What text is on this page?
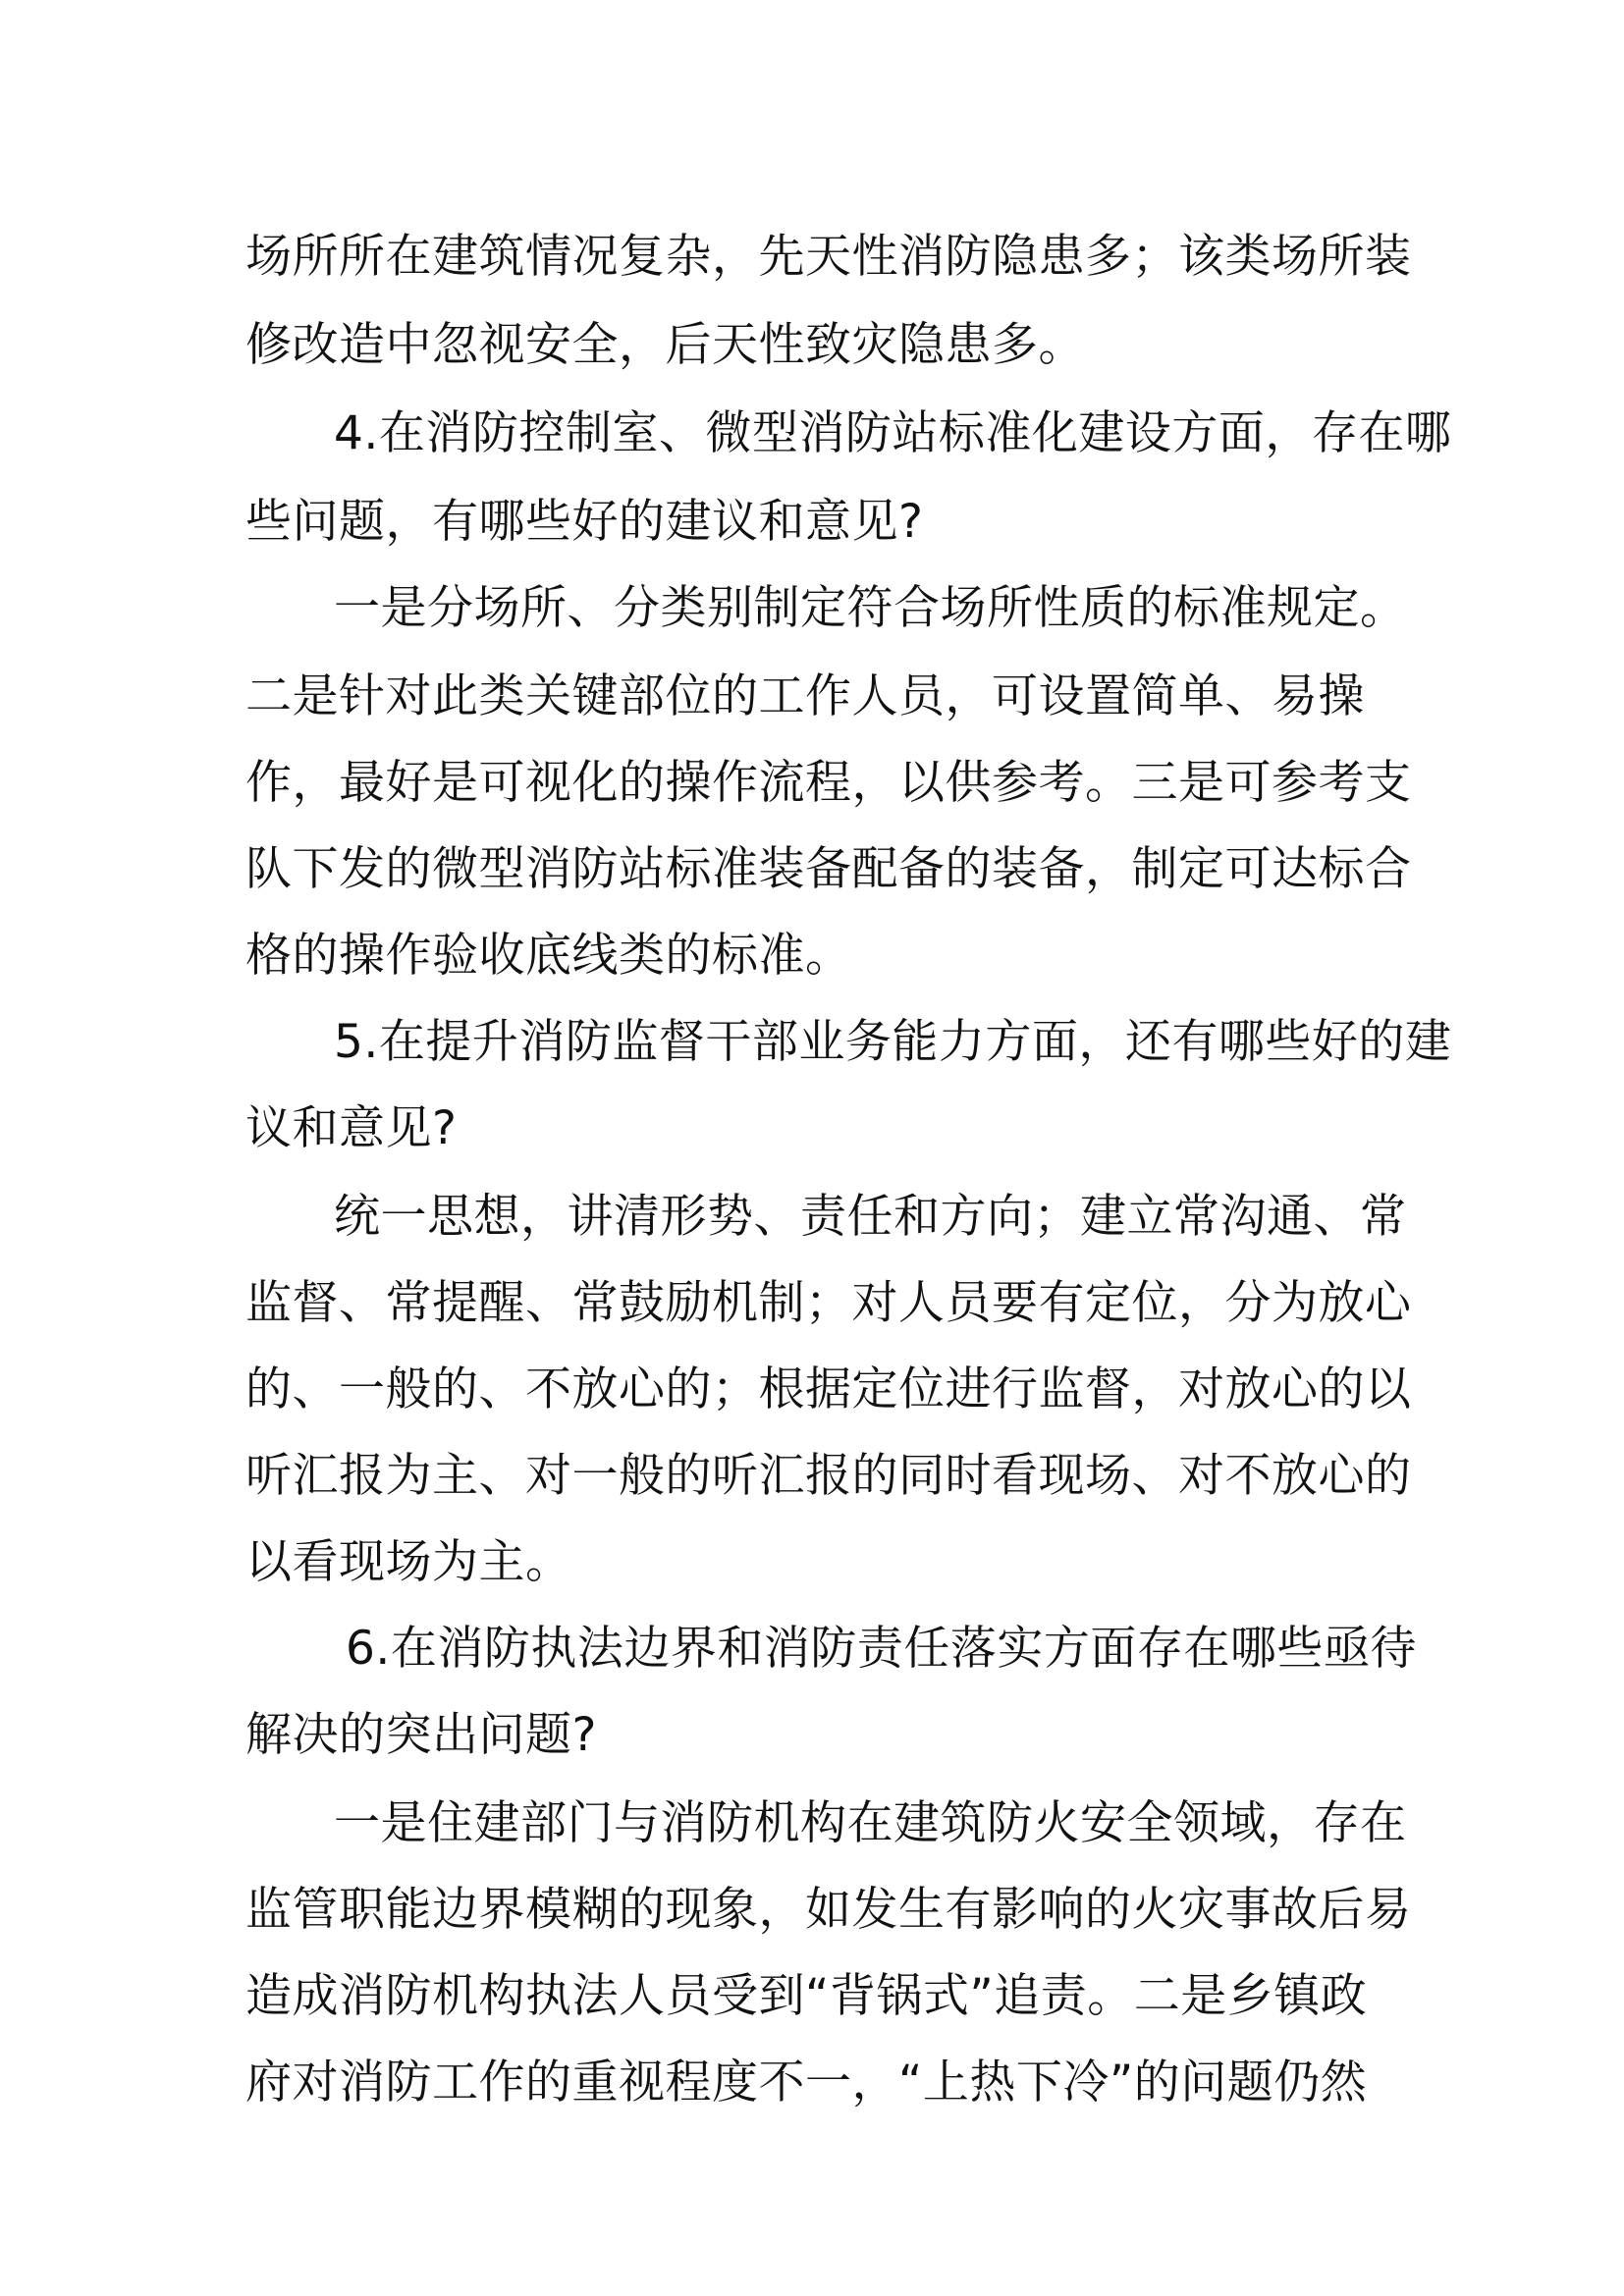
场所所在建筑情况复杂，先天性消防隐患多；该类场所装
修改造中忽视安全，后天性致灾隐患多。
4.在消防控制室、微型消防站标准化建设方面，存在哪
些问题，有哪些好的建议和意见?
一是分场所、分类别制定符合场所性质的标准规定。
二是针对此类关键部位的工作人员，可设置简单、易操
作，最好是可视化的操作流程，以供参考。三是可参考支
队下发的微型消防站标准装备配备的装备，制定可达标合
格的操作验收底线类的标准。
5.在提升消防监督干部业务能力方面，还有哪些好的建
议和意见?
统一思想，讲清形势、责任和方向；建立常沟通、常
监督、常提醒、常鼓励机制；对人员要有定位，分为放心
的、一般的、不放心的；根据定位进行监督，对放心的以
听汇报为主、对一般的听汇报的同时看现场、对不放心的
以看现场为主。
6.在消防执法边界和消防责任落实方面存在哪些亟待
解决的突出问题?
一是住建部门与消防机构在建筑防火安全领域，存在
监管职能边界模糊的现象，如发生有影响的火灾事故后易
造成消防机构执法人员受到“背锅式”追责。二是乡镇政
府对消防工作的重视程度不一，“上热下冷”的问题仍然
